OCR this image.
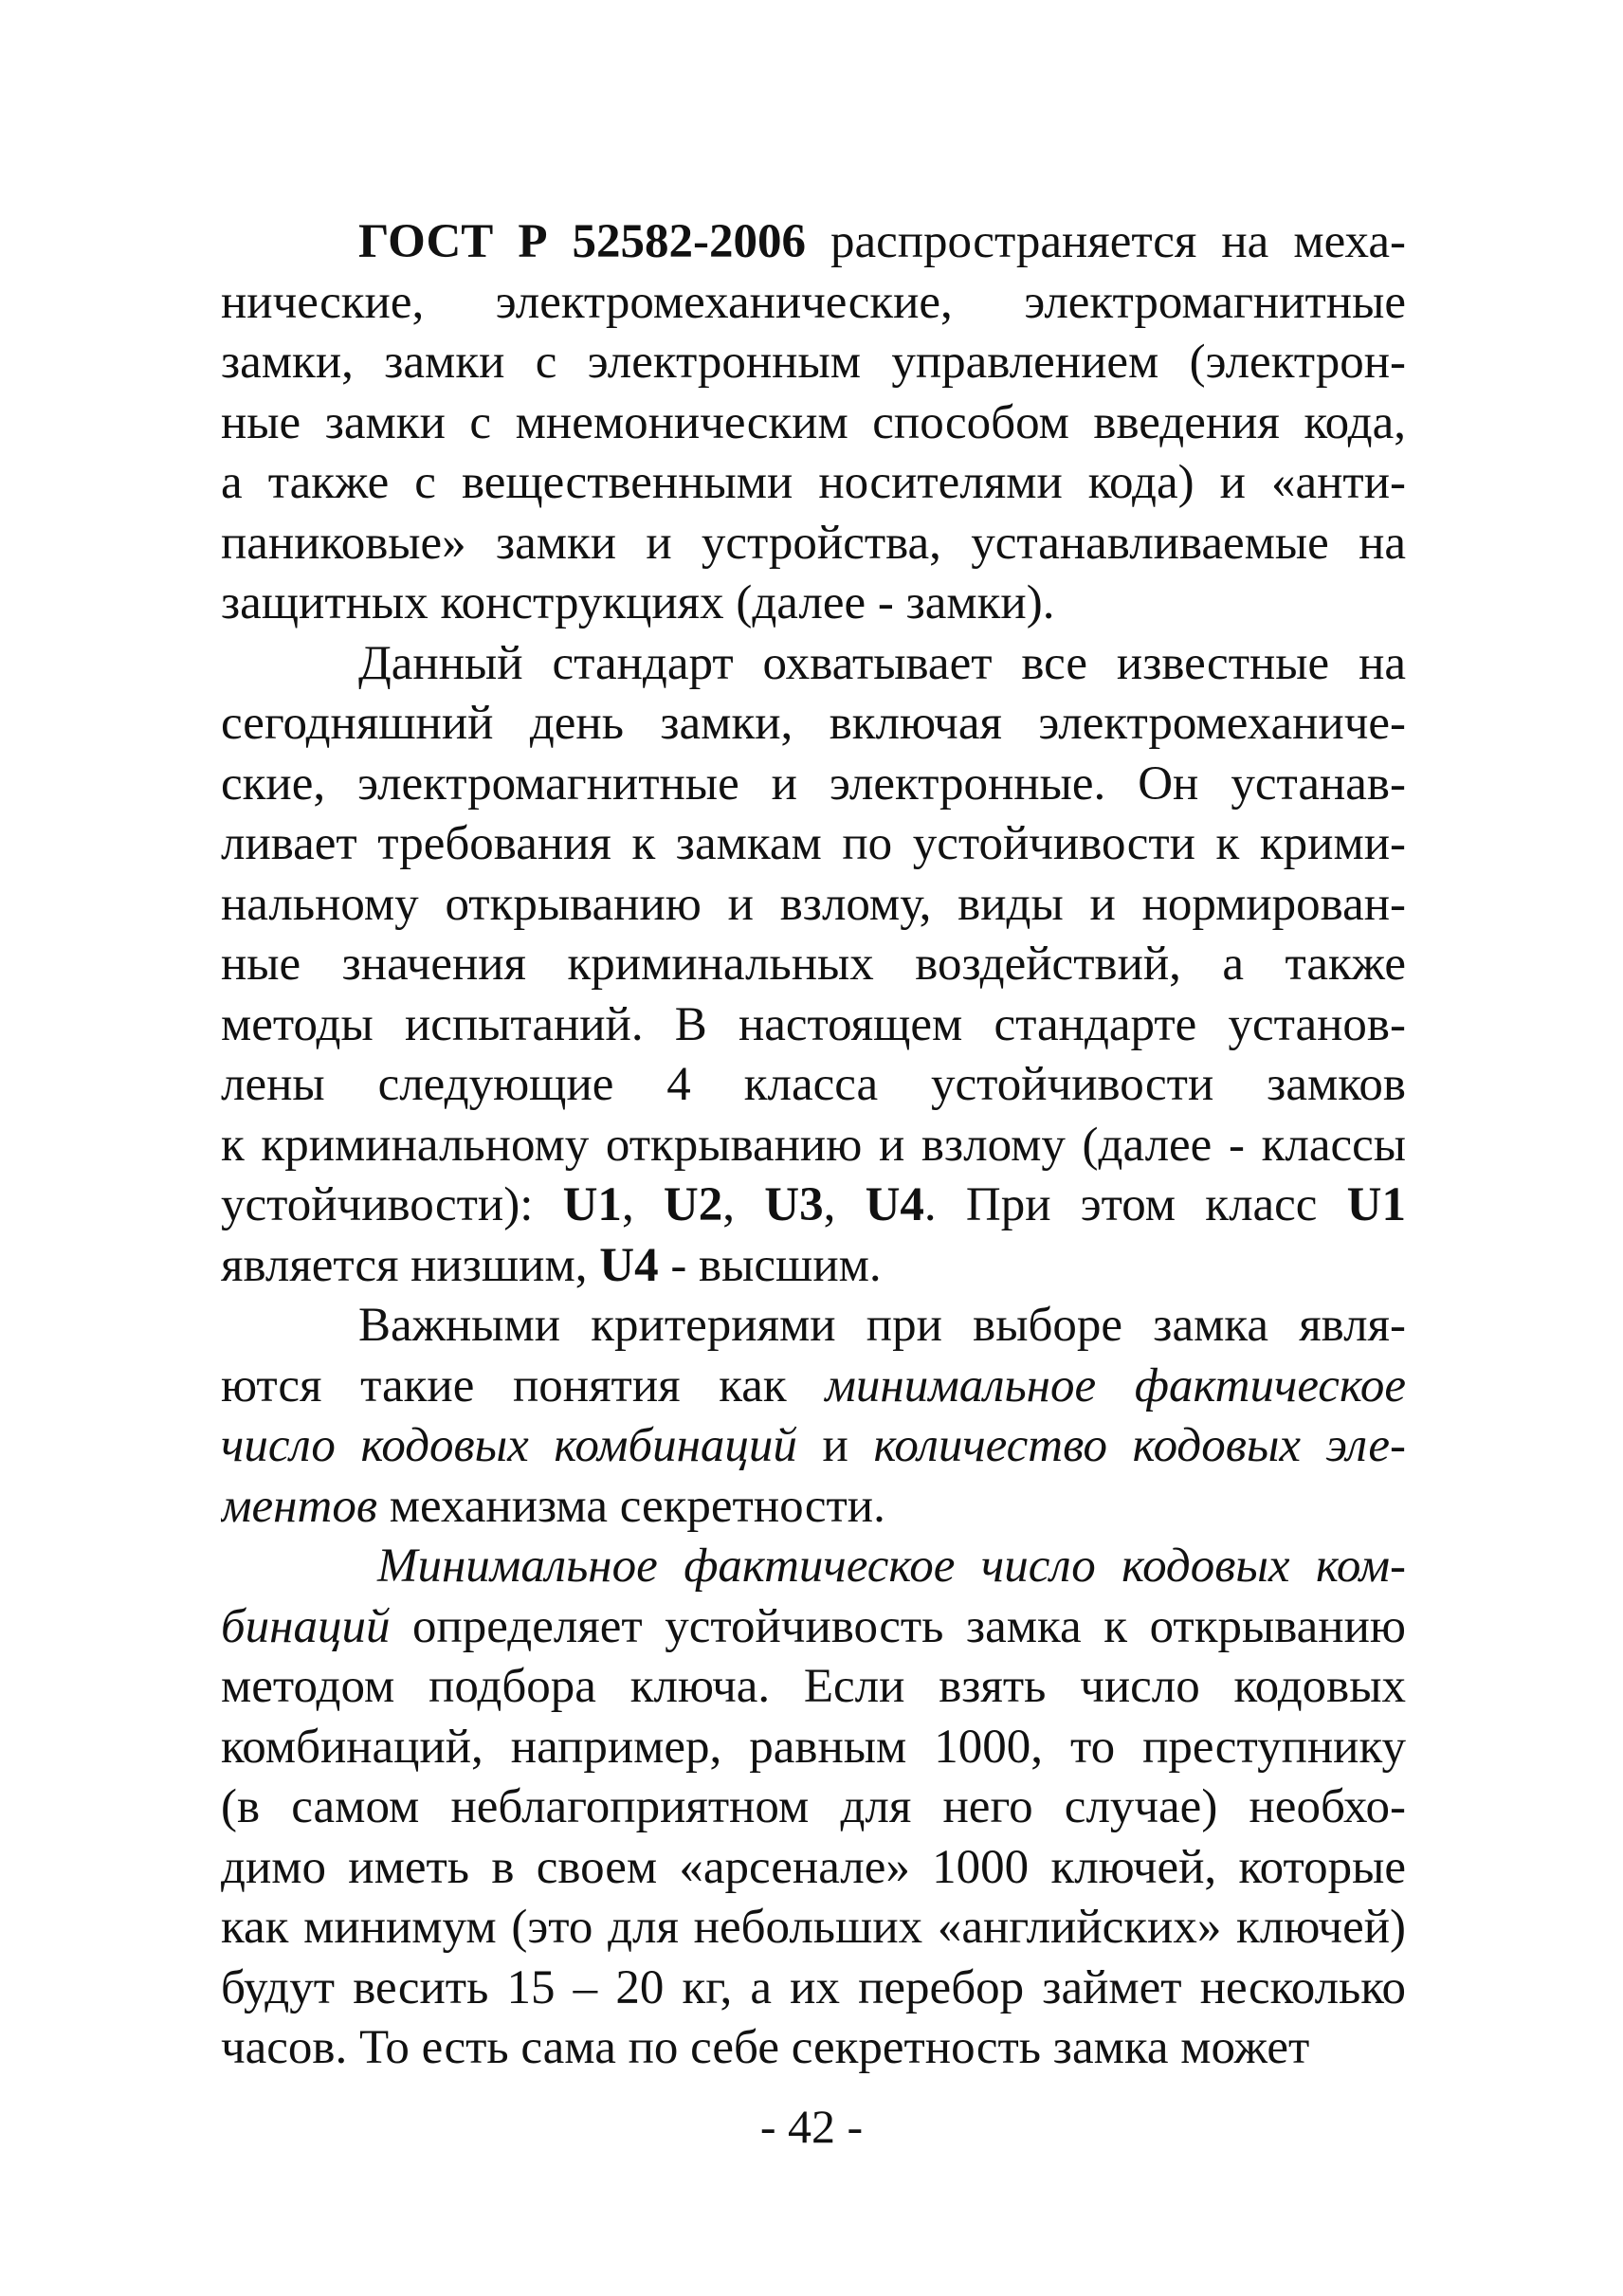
ГОСТ Р 52582-2006 распространяется на меха-
нические, электромеханические, электромагнитные
замки, замки с электронным управлением (электрон-
ные замки с мнемоническим способом введения кода,
а также с вещественными носителями кода) и «анти-
паниковые» замки и устройства, устанавливаемые на
защитных конструкциях (далее - замки).
Данный стандарт охватывает все известные на
сегодняшний день замки, включая электромеханиче-
ские, электромагнитные и электронные. Он устанав-
ливает требования к замкам по устойчивости к крими-
нальному открыванию и взлому, виды и нормирован-
ные значения криминальных воздействий, а также
методы испытаний. В настоящем стандарте установ-
лены следующие 4 класса устойчивости замков
к криминальному открыванию и взлому (далее - классы
устойчивости): U1, U2, U3, U4. При этом класс U1
является низшим, U4 - высшим.
Важными критериями при выборе замка явля-
ются такие понятия как минимальное фактическое
число кодовых комбинаций и количество кодовых эле-
ментов механизма секретности.
Минимальное фактическое число кодовых ком-
бинаций определяет устойчивость замка к открыванию
методом подбора ключа. Если взять число кодовых
комбинаций, например, равным 1000, то преступнику
(в самом неблагоприятном для него случае) необхо-
димо иметь в своем «арсенале» 1000 ключей, которые
как минимум (это для небольших «английских» ключей)
будут весить 15 – 20 кг, а их перебор займет несколько
часов. То есть сама по себе секретность замка может
- 42 -
